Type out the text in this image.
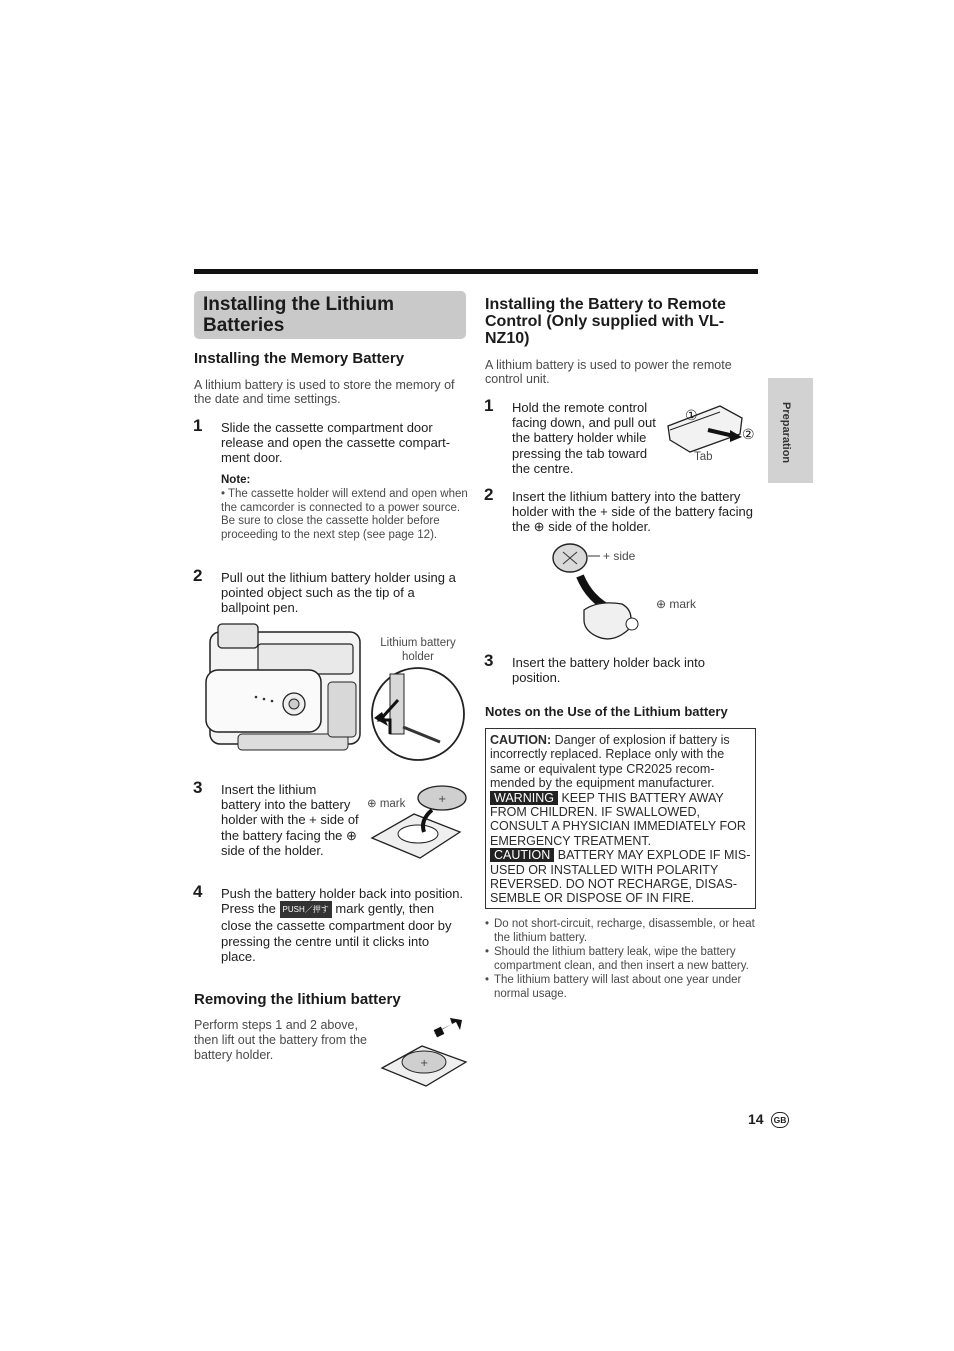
Installing the Lithium Batteries
Installing the Memory Battery
A lithium battery is used to store the memory of the date and time settings.
1 Slide the cassette compartment door release and open the cassette compart-ment door.
Note:
• The cassette holder will extend and open when the camcorder is connected to a power source. Be sure to close the cassette holder before proceeding to the next step (see page 12).
2 Pull out the lithium battery holder using a pointed object such as the tip of a ballpoint pen.
Lithium battery holder
3 Insert the lithium battery into the battery holder with the + side of the battery facing the ⊕ side of the holder.
⊕ mark	+
4 Push the battery holder back into position. Press the PUSH／押す mark gently, then close the cassette compartment door by pressing the centre until it clicks into place.
Removing the lithium battery
Perform steps 1 and 2 above, then lift out the battery from the battery holder.
+
Installing the Battery to Remote Control (Only supplied with VL-NZ10)
A lithium battery is used to power the remote control unit.
1 Hold the remote control facing down, and pull out the battery holder while pressing the tab toward the centre.
①
②
Tab
2 Insert the lithium battery into the battery holder with the + side of the battery facing the ⊕ side of the holder.
+ side
⊕ mark
3 Insert the battery holder back into position.
Notes on the Use of the Lithium battery

CAUTION: Danger of explosion if battery is incorrectly replaced. Replace only with the same or equivalent type CR2025 recom-mended by the equipment manufacturer.

WARNING KEEP THIS BATTERY AWAY FROM CHILDREN. IF SWALLOWED, CONSULT A PHYSICIAN IMMEDIATELY FOR EMERGENCY TREATMENT.

CAUTION BATTERY MAY EXPLODE IF MIS-USED OR INSTALLED WITH POLARITY REVERSED. DO NOT RECHARGE, DISAS-SEMBLE OR DISPOSE OF IN FIRE.

• Do not short-circuit, recharge, disassemble, or heat the lithium battery.
• Should the lithium battery leak, wipe the battery compartment clean, and then insert a new battery.
• The lithium battery will last about one year under normal usage.
Preparation
14	GB
